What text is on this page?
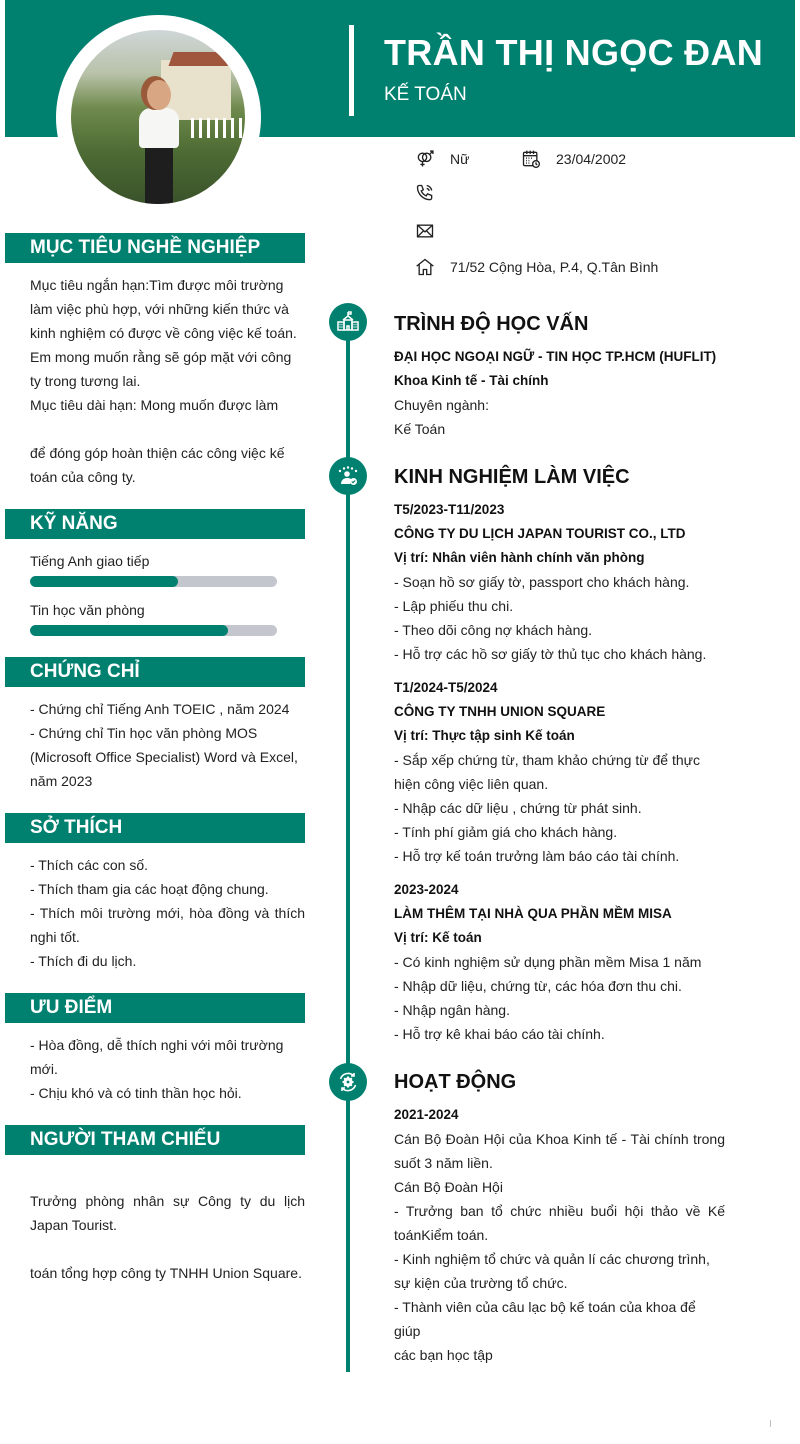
TRẦN THỊ NGỌC ĐAN
KẾ TOÁN
Nữ	23/04/2002
71/52 Cộng Hòa, P.4, Q.Tân Bình
MỤC TIÊU NGHỀ NGHIỆP

Mục tiêu ngắn hạn:Tìm được môi trường

làm việc phù hợp, với những kiến thức và

kinh nghiệm có được về công việc kế toán.

Em mong muốn rằng sẽ góp mặt với công

ty trong tương lai.

Mục tiêu dài hạn: Mong muốn được làm

để đóng góp hoàn thiện các công việc kế

toán của công ty.

KỸ NĂNG
Tiếng Anh giao tiếp
Tin học văn phòng
CHỨNG CHỈ

- Chứng chỉ Tiếng Anh TOEIC , năm 2024

- Chứng chỉ Tin học văn phòng MOS

(Microsoft Office Specialist) Word và Excel,

năm 2023

SỞ THÍCH

- Thích các con số.

- Thích tham gia các hoạt động chung.

- Thích môi trường mới, hòa đồng và thích

nghi tốt.

- Thích đi du lịch.

ƯU ĐIỂM

- Hòa đồng, dễ thích nghi với môi trường

mới.

- Chịu khó và có tinh thần học hỏi.

NGƯỜI THAM CHIẾU

Trưởng phòng nhân sự Công ty du lịch

Japan Tourist.

toán tổng hợp công ty TNHH Union Square.

TRÌNH ĐỘ HỌC VẤN

ĐẠI HỌC NGOẠI NGỮ - TIN HỌC TP.HCM (HUFLIT)

Khoa Kinh tế - Tài chính

Chuyên ngành:

Kế Toán

KINH NGHIỆM LÀM VIỆC

T5/2023-T11/2023

CÔNG TY DU LỊCH JAPAN TOURIST CO., LTD

Vị trí: Nhân viên hành chính văn phòng

- Soạn hồ sơ giấy tờ, passport cho khách hàng.

- Lập phiếu thu chi.

- Theo dõi công nợ khách hàng.

- Hỗ trợ các hồ sơ giấy tờ thủ tục cho khách hàng.

T1/2024-T5/2024

CÔNG TY TNHH UNION SQUARE

Vị trí: Thực tập sinh Kế toán

- Sắp xếp chứng từ, tham khảo chứng từ để thực

hiện công việc liên quan.

- Nhập các dữ liệu , chứng từ phát sinh.

- Tính phí giảm giá cho khách hàng.

- Hỗ trợ kế toán trưởng làm báo cáo tài chính.

2023-2024

LÀM THÊM TẠI NHÀ QUA PHẦN MỀM MISA

Vị trí: Kế toán

- Có kinh nghiệm sử dụng phần mềm Misa 1 năm

- Nhập dữ liệu, chứng từ, các hóa đơn thu chi.

- Nhập ngân hàng.

- Hỗ trợ kê khai báo cáo tài chính.

HOẠT ĐỘNG

2021-2024

Cán Bộ Đoàn Hội của Khoa Kinh tế - Tài chính trong

suốt 3 năm liền.

Cán Bộ Đoàn Hội

- Trưởng ban tổ chức nhiều buổi hội thảo về Kế

toánKiểm toán.

- Kinh nghiệm tổ chức và quản lí các chương trình,

sự kiện của trường tổ chức.

- Thành viên của câu lạc bộ kế toán của khoa để giúp

các bạn học tập
